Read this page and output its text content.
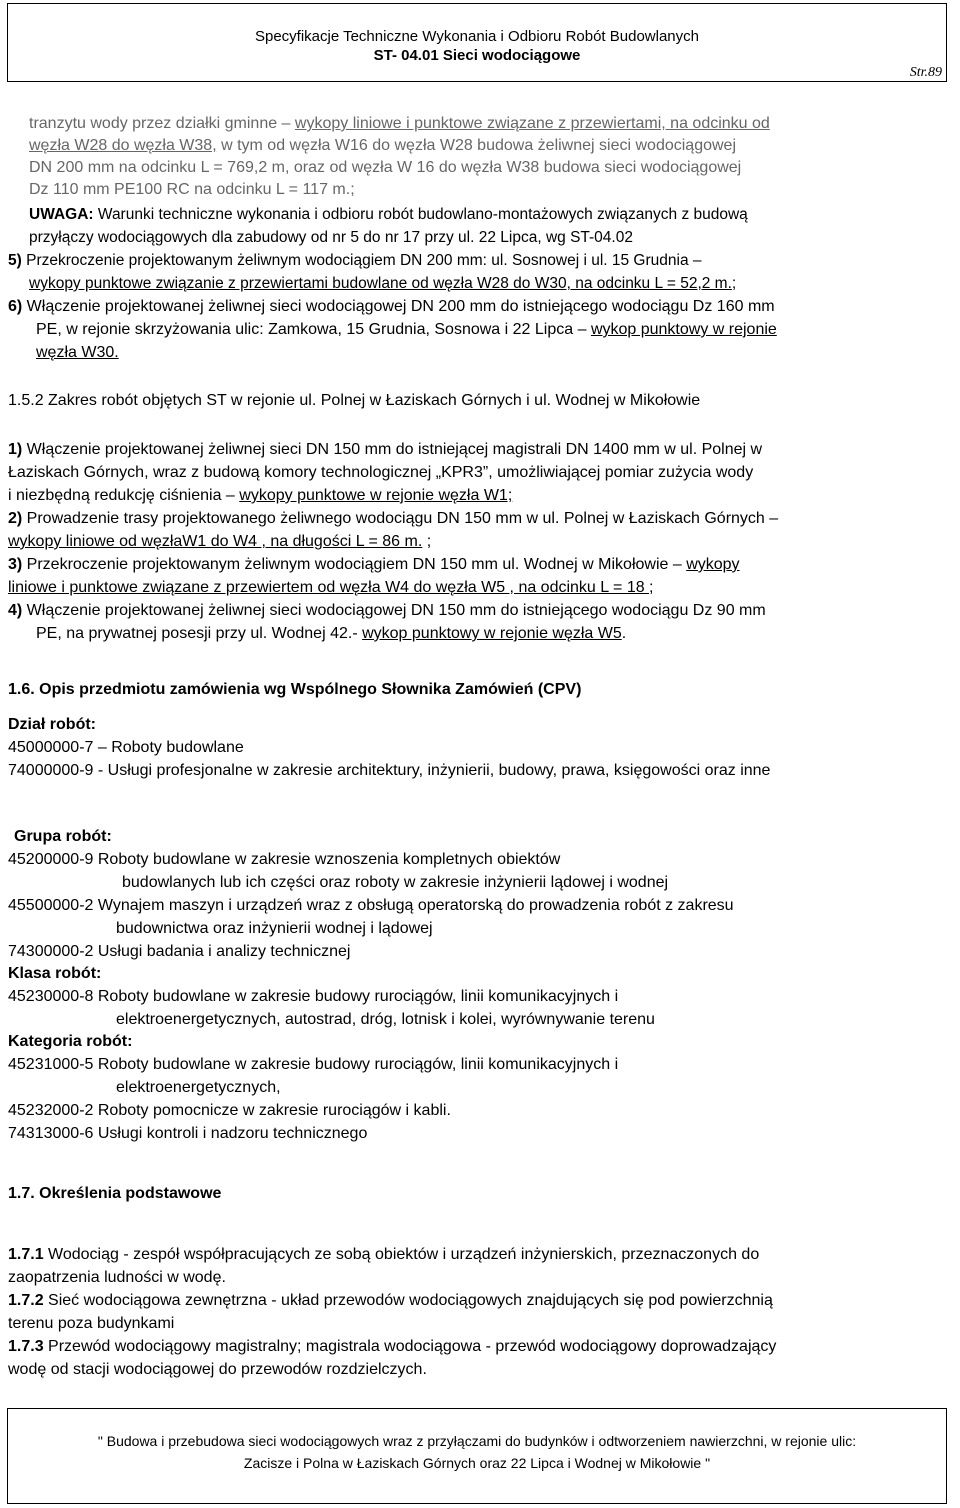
Specyfikacje Techniczne Wykonania i Odbioru Robót Budowlanych
ST- 04.01 Sieci wodociągowe
Str.89
tranzytu wody przez działki gminne – wykopy liniowe i punktowe związane z przewiertami, na odcinku od
węzła W28 do węzła W38, w tym od węzła W16 do węzła W28 budowa żeliwnej sieci wodociągowej
DN 200 mm na odcinku L = 769,2 m, oraz od węzła W 16 do węzła W38 budowa sieci wodociągowej
Dz 110 mm PE100 RC na odcinku L = 117 m.;
UWAGA: Warunki techniczne wykonania i odbioru robót budowlano-montażowych związanych z budową
przyłączy wodociągowych dla zabudowy od nr 5 do nr 17 przy ul. 22 Lipca, wg ST-04.02
5) Przekroczenie projektowanym żeliwnym wodociągiem DN 200 mm: ul. Sosnowej i ul. 15 Grudnia –
wykopy punktowe związanie z przewiertami budowlane od węzła W28 do W30, na odcinku L = 52,2 m.;
6) Włączenie projektowanej żeliwnej sieci wodociągowej DN 200 mm do istniejącego wodociągu Dz 160 mm
PE, w rejonie skrzyżowania ulic: Zamkowa, 15 Grudnia, Sosnowa i 22 Lipca – wykop punktowy w rejonie
węzła W30.
1.5.2 Zakres robót objętych ST w rejonie ul. Polnej w Łaziskach Górnych i ul. Wodnej w Mikołowie
1) Włączenie projektowanej żeliwnej sieci DN 150 mm do istniejącej magistrali DN 1400 mm w ul. Polnej w
Łaziskach Górnych, wraz z budową komory technologicznej „KPR3”, umożliwiającej pomiar zużycia wody
i niezbędną redukcję ciśnienia – wykopy punktowe w rejonie węzła W1;
2) Prowadzenie trasy projektowanego żeliwnego wodociągu DN 150 mm w ul. Polnej w Łaziskach Górnych –
wykopy liniowe od węzłaW1 do W4 , na długości L = 86 m. ;
3) Przekroczenie projektowanym żeliwnym wodociągiem DN 150 mm ul. Wodnej w Mikołowie – wykopy
liniowe i punktowe związane z przewiertem od węzła W4 do węzła W5 , na odcinku L = 18 ;
4) Włączenie projektowanej żeliwnej sieci wodociągowej DN 150 mm do istniejącego wodociągu Dz 90 mm
PE, na prywatnej posesji przy ul. Wodnej 42.- wykop punktowy w rejonie węzła W5.
1.6. Opis przedmiotu zamówienia wg Wspólnego Słownika Zamówień (CPV)
Dział robót:
45000000-7 – Roboty budowlane
74000000-9 - Usługi profesjonalne w zakresie architektury, inżynierii, budowy, prawa, księgowości oraz inne
Grupa robót:
45200000-9 Roboty budowlane w zakresie wznoszenia kompletnych obiektów
budowlanych lub ich części oraz roboty w zakresie inżynierii lądowej i wodnej
45500000-2 Wynajem maszyn i urządzeń wraz z obsługą operatorską do prowadzenia robót z zakresu
budownictwa oraz inżynierii wodnej i lądowej
74300000-2 Usługi badania i analizy technicznej
Klasa robót:
45230000-8 Roboty budowlane w zakresie budowy rurociągów, linii komunikacyjnych i
elektroenergetycznych, autostrad, dróg, lotnisk i kolei, wyrównywanie terenu
Kategoria robót:
45231000-5 Roboty budowlane w zakresie budowy rurociągów, linii komunikacyjnych i
elektroenergetycznych,
45232000-2 Roboty pomocnicze w zakresie rurociągów i kabli.
74313000-6 Usługi kontroli i nadzoru technicznego
1.7. Określenia podstawowe
1.7.1 Wodociąg - zespół współpracujących ze sobą obiektów i urządzeń inżynierskich, przeznaczonych do
zaopatrzenia ludności w wodę.
1.7.2 Sieć wodociągowa zewnętrzna - układ przewodów wodociągowych znajdujących się pod powierzchnią
terenu poza budynkami
1.7.3 Przewód wodociągowy magistralny; magistrala wodociągowa - przewód wodociągowy doprowadzający
wodę od stacji wodociągowej do przewodów rozdzielczych.
" Budowa i przebudowa sieci wodociągowych wraz z przyłączami do budynków i odtworzeniem nawierzchni, w rejonie ulic:
Zacisze i Polna w Łaziskach Górnych oraz 22 Lipca i Wodnej w Mikołowie "
